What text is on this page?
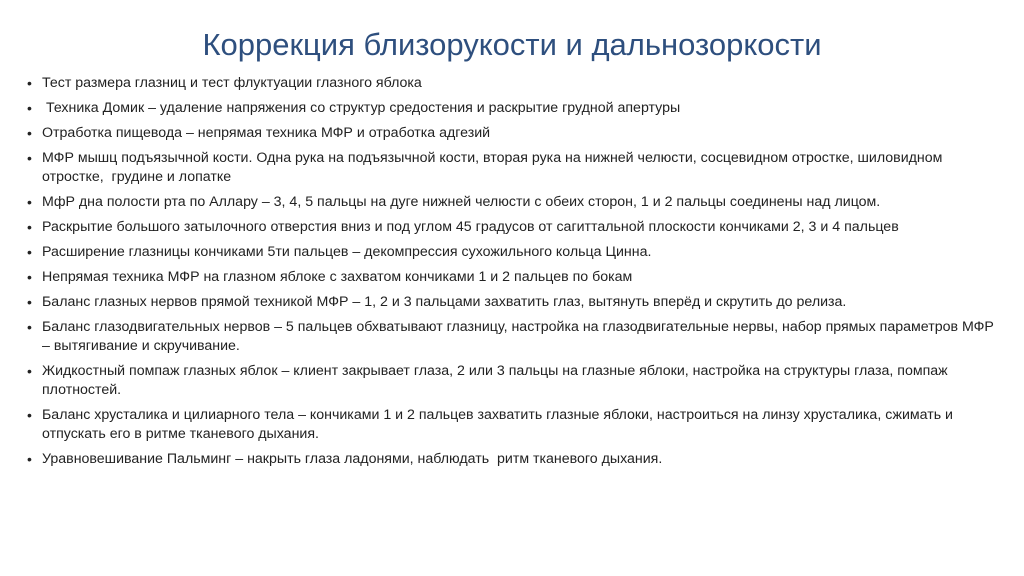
Коррекция близорукости и дальнозоркости
• Тест размера глазниц и тест флуктуации глазного яблока
• Техника Домик – удаление напряжения со структур средостения и раскрытие грудной апертуры
• Отработка пищевода – непрямая техника МФР и отработка адгезий
• МФР мышц подъязычной кости. Одна рука на подъязычной кости, вторая рука на нижней челюсти, сосцевидном отростке, шиловидном отростке,  грудине и лопатке
• МфР дна полости рта по Аллару – 3, 4, 5 пальцы на дуге нижней челюсти с обеих сторон, 1 и 2 пальцы соединены над лицом.
• Раскрытие большого затылочного отверстия вниз и под углом 45 градусов от сагиттальной плоскости кончиками 2, 3 и 4 пальцев
• Расширение глазницы кончиками 5ти пальцев – декомпрессия сухожильного кольца Цинна.
• Непрямая техника МФР на глазном яблоке с захватом кончиками 1 и 2 пальцев по бокам
• Баланс глазных нервов прямой техникой МФР – 1, 2 и 3 пальцами захватить глаз, вытянуть вперёд и скрутить до релиза.
• Баланс глазодвигательных нервов – 5 пальцев обхватывают глазницу, настройка на глазодвигательные нервы, набор прямых параметров МФР – вытягивание и скручивание.
• Жидкостный помпаж глазных яблок – клиент закрывает глаза, 2 или 3 пальцы на глазные яблоки, настройка на структуры глаза, помпаж плотностей.
• Баланс хрусталика и цилиарного тела – кончиками 1 и 2 пальцев захватить глазные яблоки, настроиться на линзу хрусталика, сжимать и отпускать его в ритме тканевого дыхания.
• Уравновешивание Пальминг – накрыть глаза ладонями, наблюдать  ритм тканевого дыхания.
